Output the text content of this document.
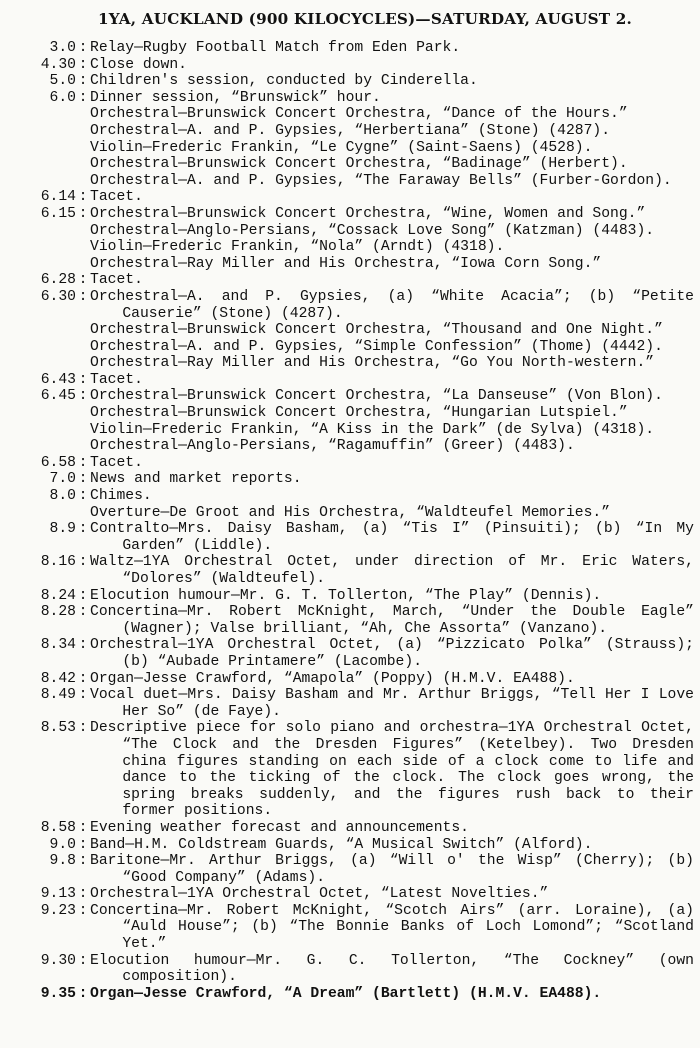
1YA, AUCKLAND (900 KILOCYCLES)—SATURDAY, AUGUST 2.
3.0 : Relay—Rugby Football Match from Eden Park.
4.30 : Close down.
5.0 : Children's session, conducted by Cinderella.
6.0 : Dinner session, “Brunswick” hour.
Orchestral—Brunswick Concert Orchestra, “Dance of the Hours.”
Orchestral—A. and P. Gypsies, “Herbertiana” (Stone) (4287).
Violin—Frederic Frankin, “Le Cygne” (Saint-Saens) (4528).
Orchestral—Brunswick Concert Orchestra, “Badinage” (Herbert).
Orchestral—A. and P. Gypsies, “The Faraway Bells” (Furber-Gordon).
6.14 : Tacet.
6.15 : Orchestral—Brunswick Concert Orchestra, “Wine, Women and Song.”
Orchestral—Anglo-Persians, “Cossack Love Song” (Katzman) (4483).
Violin—Frederic Frankin, “Nola” (Arndt) (4318).
Orchestral—Ray Miller and His Orchestra, “Iowa Corn Song.”
6.28 : Tacet.
6.30 : Orchestral—A. and P. Gypsies, (a) “White Acacia”; (b) “Petite Causerie” (Stone) (4287).
Orchestral—Brunswick Concert Orchestra, “Thousand and One Night.”
Orchestral—A. and P. Gypsies, “Simple Confession” (Thome) (4442).
Orchestral—Ray Miller and His Orchestra, “Go You North-western.”
6.43 : Tacet.
6.45 : Orchestral—Brunswick Concert Orchestra, “La Danseuse” (Von Blon).
Orchestral—Brunswick Concert Orchestra, “Hungarian Lutspiel.”
Violin—Frederic Frankin, “A Kiss in the Dark” (de Sylva) (4318).
Orchestral—Anglo-Persians, “Ragamuffin” (Greer) (4483).
6.58 : Tacet.
7.0 : News and market reports.
8.0 : Chimes.
Overture—De Groot and His Orchestra, “Waldteufel Memories.”
8.9 : Contralto—Mrs. Daisy Basham, (a) “Tis I” (Pinsuiti); (b) “In My Garden” (Liddle).
8.16 : Waltz—1YA Orchestral Octet, under direction of Mr. Eric Waters, “Dolores” (Waldteufel).
8.24 : Elocution humour—Mr. G. T. Tollerton, “The Play” (Dennis).
8.28 : Concertina—Mr. Robert McKnight, March, “Under the Double Eagle” (Wagner); Valse brilliant, “Ah, Che Assorta” (Vanzano).
8.34 : Orchestral—1YA Orchestral Octet, (a) “Pizzicato Polka” (Strauss); (b) “Aubade Printamere” (Lacombe).
8.42 : Organ—Jesse Crawford, “Amapola” (Poppy) (H.M.V. EA488).
8.49 : Vocal duet—Mrs. Daisy Basham and Mr. Arthur Briggs, “Tell Her I Love Her So” (de Faye).
8.53 : Descriptive piece for solo piano and orchestra—1YA Orchestral Octet, “The Clock and the Dresden Figures” (Ketelbey). Two Dresden china figures standing on each side of a clock come to life and dance to the ticking of the clock. The clock goes wrong, the spring breaks suddenly, and the figures rush back to their former positions.
8.58 : Evening weather forecast and announcements.
9.0 : Band—H.M. Coldstream Guards, “A Musical Switch” (Alford).
9.8 : Baritone—Mr. Arthur Briggs, (a) “Will o' the Wisp” (Cherry); (b) “Good Company” (Adams).
9.13 : Orchestral—1YA Orchestral Octet, “Latest Novelties.”
9.23 : Concertina—Mr. Robert McKnight, “Scotch Airs” (arr. Loraine), (a) “Auld House”; (b) “The Bonnie Banks of Loch Lomond”; “Scotland Yet.”
9.30 : Elocution humour—Mr. G. C. Tollerton, “The Cockney” (own composition).
9.35 : Organ—Jesse Crawford, “A Dream” (Bartlett) (H.M.V. EA488).
